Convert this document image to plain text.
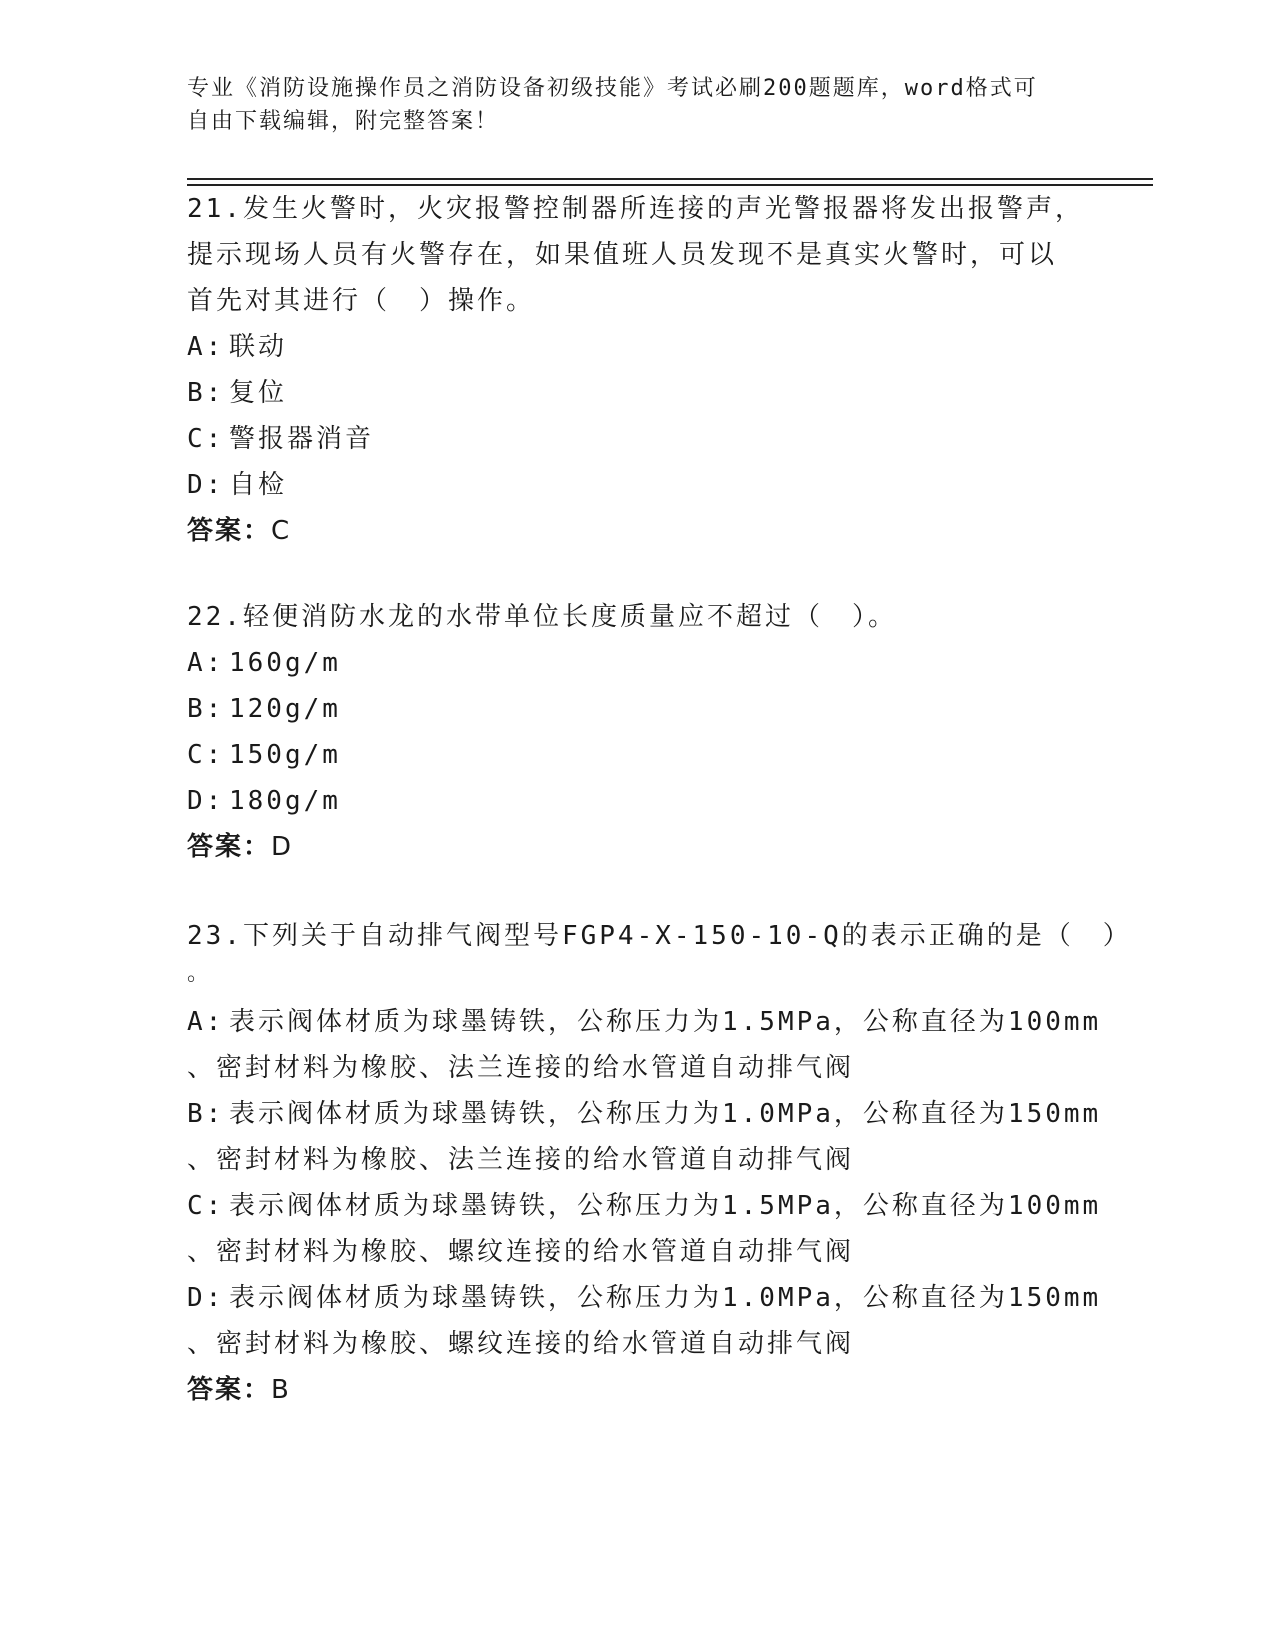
专业《消防设施操作员之消防设备初级技能》考试必刷200题题库，word格式可
自由下载编辑，附完整答案！
21.发生火警时，火灾报警控制器所连接的声光警报器将发出报警声，
提示现场人员有火警存在，如果值班人员发现不是真实火警时，可以
首先对其进行（　）操作。
A: 联动
B: 复位
C: 警报器消音
D: 自检
答案：C
22.轻便消防水龙的水带单位长度质量应不超过（　）。
A: 160g/m
B: 120g/m
C: 150g/m
D: 180g/m
答案：D
23.下列关于自动排气阀型号FGP4-X-150-10-Q的表示正确的是（　）
。
A: 表示阀体材质为球墨铸铁，公称压力为1.5MPa，公称直径为100mm
、密封材料为橡胶、法兰连接的给水管道自动排气阀
B: 表示阀体材质为球墨铸铁，公称压力为1.0MPa，公称直径为150mm
、密封材料为橡胶、法兰连接的给水管道自动排气阀
C: 表示阀体材质为球墨铸铁，公称压力为1.5MPa，公称直径为100mm
、密封材料为橡胶、螺纹连接的给水管道自动排气阀
D: 表示阀体材质为球墨铸铁，公称压力为1.0MPa，公称直径为150mm
、密封材料为橡胶、螺纹连接的给水管道自动排气阀
答案：B
